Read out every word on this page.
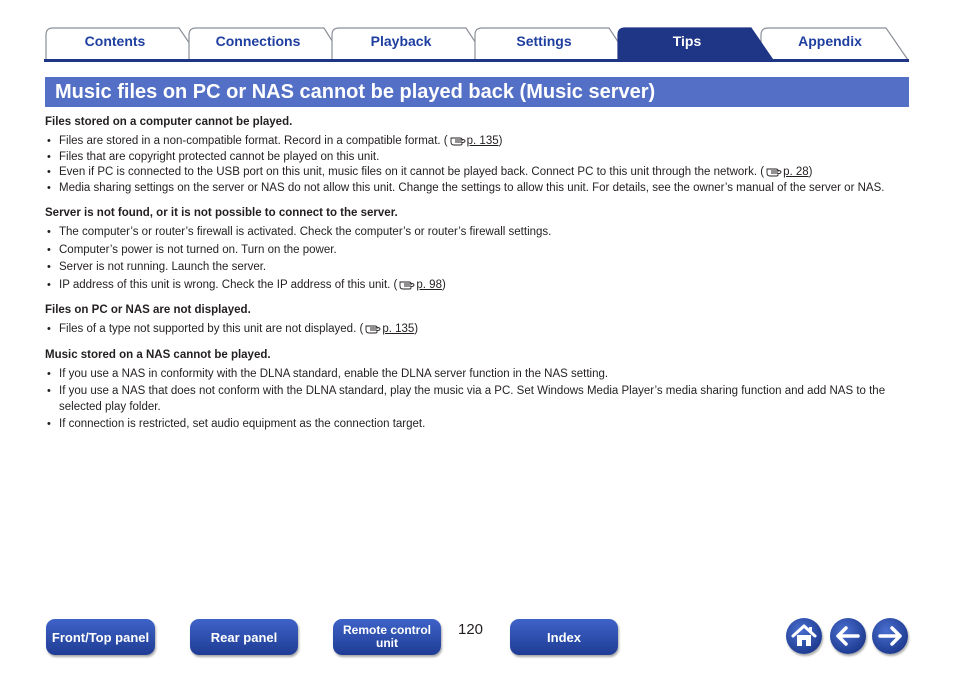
Contents	Connections	Playback	Settings	Tips	Appendix
Music files on PC or NAS cannot be played back (Music server)

Files stored on a computer cannot be played.

• Files are stored in a non-compatible format. Record in a compatible format. ( p. 135)
• Files that are copyright protected cannot be played on this unit.
• Even if PC is connected to the USB port on this unit, music files on it cannot be played back. Connect PC to this unit through the network. ( p. 28)
• Media sharing settings on the server or NAS do not allow this unit. Change the settings to allow this unit. For details, see the owner’s manual of the server or NAS.

Server is not found, or it is not possible to connect to the server.

• The computer’s or router’s firewall is activated. Check the computer’s or router’s firewall settings.
• Computer’s power is not turned on. Turn on the power.
• Server is not running. Launch the server.
• IP address of this unit is wrong. Check the IP address of this unit. ( p. 98)

Files on PC or NAS are not displayed.

• Files of a type not supported by this unit are not displayed. ( p. 135)

Music stored on a NAS cannot be played.

• If you use a NAS in conformity with the DLNA standard, enable the DLNA server function in the NAS setting.
• If you use a NAS that does not conform with the DLNA standard, play the music via a PC. Set Windows Media Player’s media sharing function and add NAS to the selected play folder.
• If connection is restricted, set audio equipment as the connection target.
Front/Top panel	Rear panel	Remote control unit
120	Index
